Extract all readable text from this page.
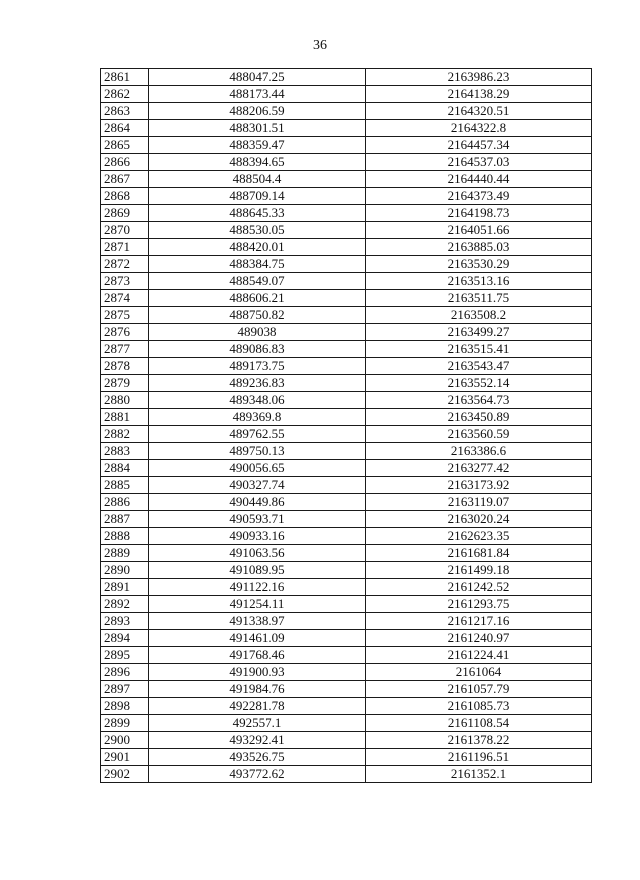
36
2861	488047.25	2163986.23
2862	488173.44	2164138.29
2863	488206.59	2164320.51
2864	488301.51	2164322.8
2865	488359.47	2164457.34
2866	488394.65	2164537.03
2867	488504.4	2164440.44
2868	488709.14	2164373.49
2869	488645.33	2164198.73
2870	488530.05	2164051.66
2871	488420.01	2163885.03
2872	488384.75	2163530.29
2873	488549.07	2163513.16
2874	488606.21	2163511.75
2875	488750.82	2163508.2
2876	489038	2163499.27
2877	489086.83	2163515.41
2878	489173.75	2163543.47
2879	489236.83	2163552.14
2880	489348.06	2163564.73
2881	489369.8	2163450.89
2882	489762.55	2163560.59
2883	489750.13	2163386.6
2884	490056.65	2163277.42
2885	490327.74	2163173.92
2886	490449.86	2163119.07
2887	490593.71	2163020.24
2888	490933.16	2162623.35
2889	491063.56	2161681.84
2890	491089.95	2161499.18
2891	491122.16	2161242.52
2892	491254.11	2161293.75
2893	491338.97	2161217.16
2894	491461.09	2161240.97
2895	491768.46	2161224.41
2896	491900.93	2161064
2897	491984.76	2161057.79
2898	492281.78	2161085.73
2899	492557.1	2161108.54
2900	493292.41	2161378.22
2901	493526.75	2161196.51
2902	493772.62	2161352.1
